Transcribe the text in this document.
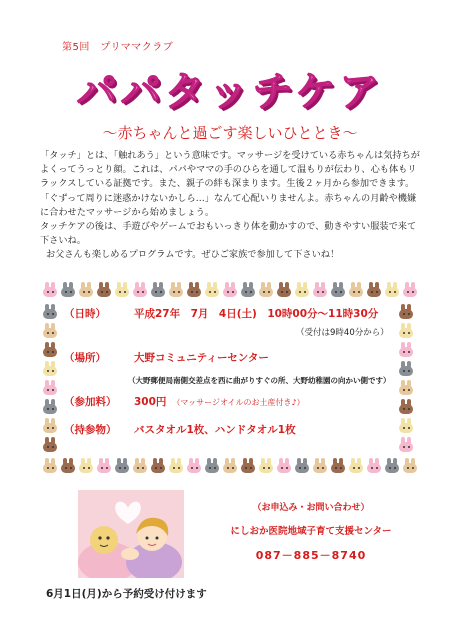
第5回　プリママクラブ
パパタッチケア
～赤ちゃんと過ごす楽しいひととき～

「タッチ」とは、「触れあう」という意味です。マッサージを受けている赤ちゃんは気持ちが
よくってうっとり顔。これは、パパやママの手のひらを通して温もりが伝わり、心も体もリ
ラックスしている証拠です。また、親子の絆も深まります。生後２ヶ月から参加できます。
「ぐずって周りに迷惑かけないかしら…」なんて心配いりませんよ。赤ちゃんの月齢や機嫌
に合わせたマッサージから始めましょう。

タッチケアの後は、手遊びやゲームでおもいっきり体を動かすので、動きやすい服装で来て
下さいね。

お父さんも楽しめるプログラムです。ぜひご家族で参加して下さいね！

（日時）	平成27年　7月　4日(土)　10時00分～11時30分
（受付は9時40分から）
（場所）	大野コミュニティーセンター
（大野郵便局南側交差点を西に曲がりすぐの所、大野幼稚園の向かい側です）
（参加料） 300円 （マッサージオイルのお土産付き♪）
（持参物） バスタオル1枚、ハンドタオル1枚
（お申込み・お問い合わせ）
にしおか医院地域子育て支援センター
087－885－8740
6月1日(月)から予約受け付けます
